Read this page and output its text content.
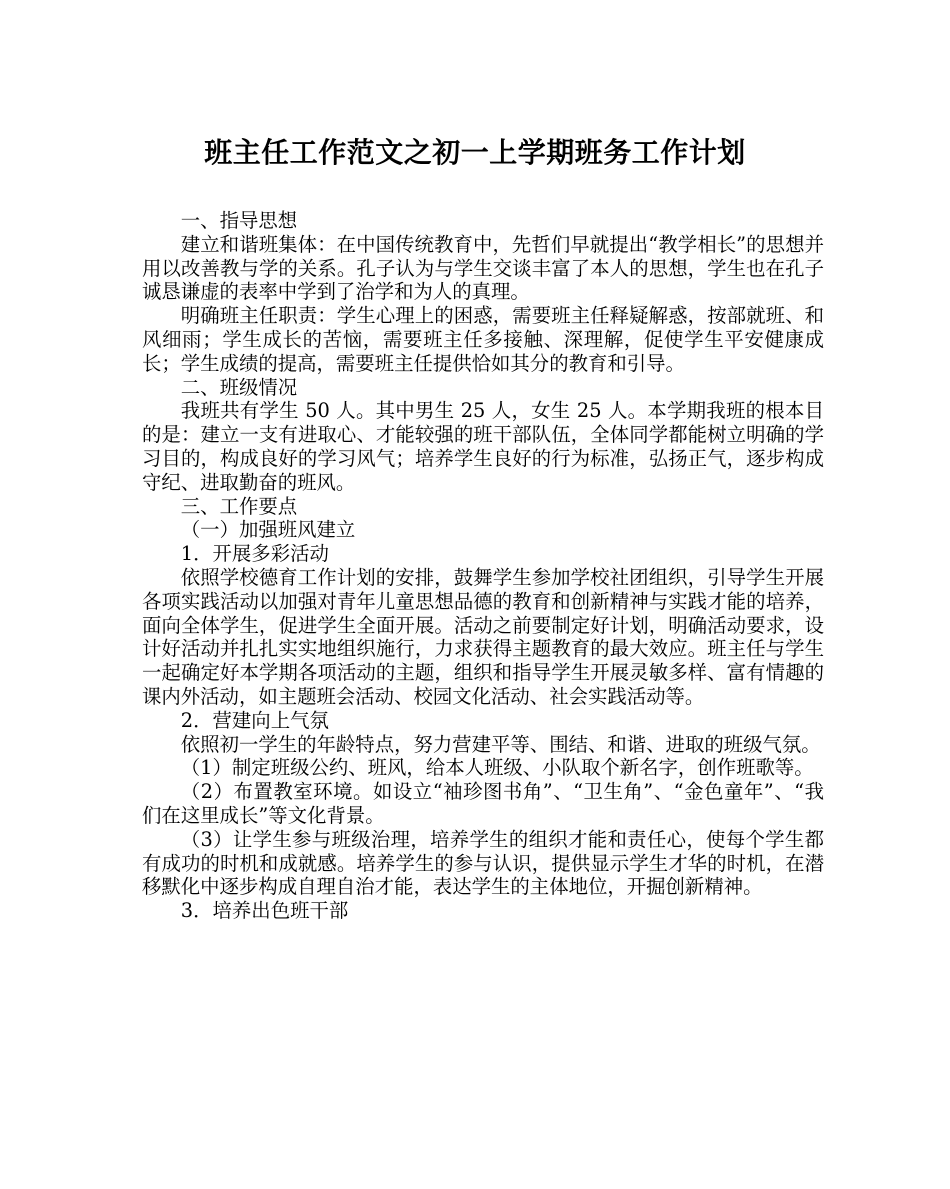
班主任工作范文之初一上学期班务工作计划

一、指导思想

建立和谐班集体：在中国传统教育中，先哲们早就提出“教学相长”的思想并用以改善教与学的关系。孔子认为与学生交谈丰富了本人的思想，学生也在孔子诚恳谦虚的表率中学到了治学和为人的真理。

明确班主任职责：学生心理上的困惑，需要班主任释疑解惑，按部就班、和风细雨；学生成长的苦恼，需要班主任多接触、深理解，促使学生平安健康成长；学生成绩的提高，需要班主任提供恰如其分的教育和引导。

二、班级情况

我班共有学生 50 人。其中男生 25 人，女生 25 人。本学期我班的根本目的是：建立一支有进取心、才能较强的班干部队伍，全体同学都能树立明确的学习目的，构成良好的学习风气；培养学生良好的行为标准，弘扬正气，逐步构成守纪、进取勤奋的班风。

三、工作要点

（一）加强班风建立

1．开展多彩活动

依照学校德育工作计划的安排，鼓舞学生参加学校社团组织，引导学生开展各项实践活动以加强对青年儿童思想品德的教育和创新精神与实践才能的培养，面向全体学生，促进学生全面开展。活动之前要制定好计划，明确活动要求，设计好活动并扎扎实实地组织施行，力求获得主题教育的最大效应。班主任与学生一起确定好本学期各项活动的主题，组织和指导学生开展灵敏多样、富有情趣的课内外活动，如主题班会活动、校园文化活动、社会实践活动等。

2．营建向上气氛

依照初一学生的年龄特点，努力营建平等、围结、和谐、进取的班级气氛。

（1）制定班级公约、班风，给本人班级、小队取个新名字，创作班歌等。

（2）布置教室环境。如设立“袖珍图书角”、“卫生角”、“金色童年”、“我们在这里成长”等文化背景。

（3）让学生参与班级治理，培养学生的组织才能和责任心，使每个学生都有成功的时机和成就感。培养学生的参与认识，提供显示学生才华的时机，在潜移默化中逐步构成自理自治才能，表达学生的主体地位，开掘创新精神。

3．培养出色班干部
